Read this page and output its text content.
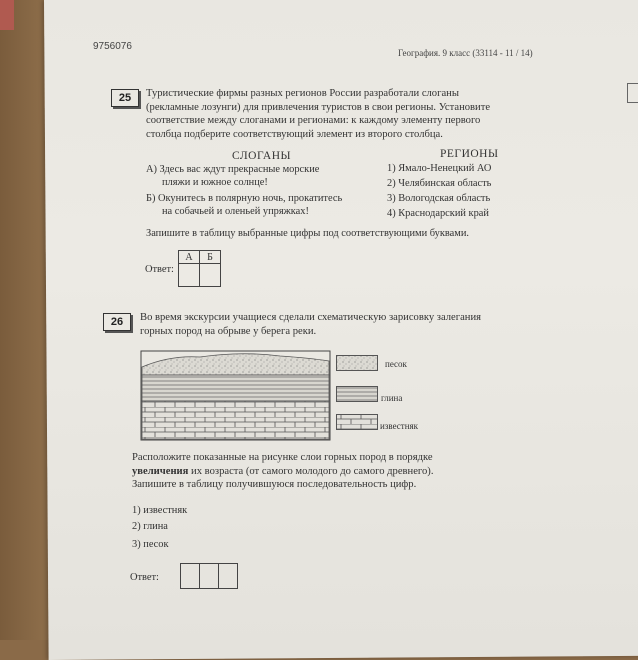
9756076
География. 9 класс (33114 - 11 / 14)
25	Туристические фирмы разных регионов России разработали слоганы
(рекламные лозунги) для привлечения туристов в свои регионы. Установите
соответствие между слоганами и регионами: к каждому элементу первого
столбца подберите соответствующий элемент из второго столбца.
СЛОГАНЫ	РЕГИОНЫ
А) Здесь вас ждут прекрасные морские
пляжи и южное солнце!
Б) Окунитесь в полярную ночь, прокатитесь
на собачьей и оленьей упряжках!
1) Ямало-Ненецкий АО
2) Челябинская область
3) Вологодская область
4) Краснодарский край
Запишите в таблицу выбранные цифры под соответствующими буквами.
Ответ:
А	Б

26	Во время экскурсии учащиеся сделали схематическую зарисовку залегания
горных пород на обрыве у берега реки.
песок
глина
известняк
Расположите показанные на рисунке слои горных пород в порядке
увеличения их возраста (от самого молодого до самого древнего).
Запишите в таблицу получившуюся последовательность цифр.
1) известняк
2) глина
3) песок
Ответ:
